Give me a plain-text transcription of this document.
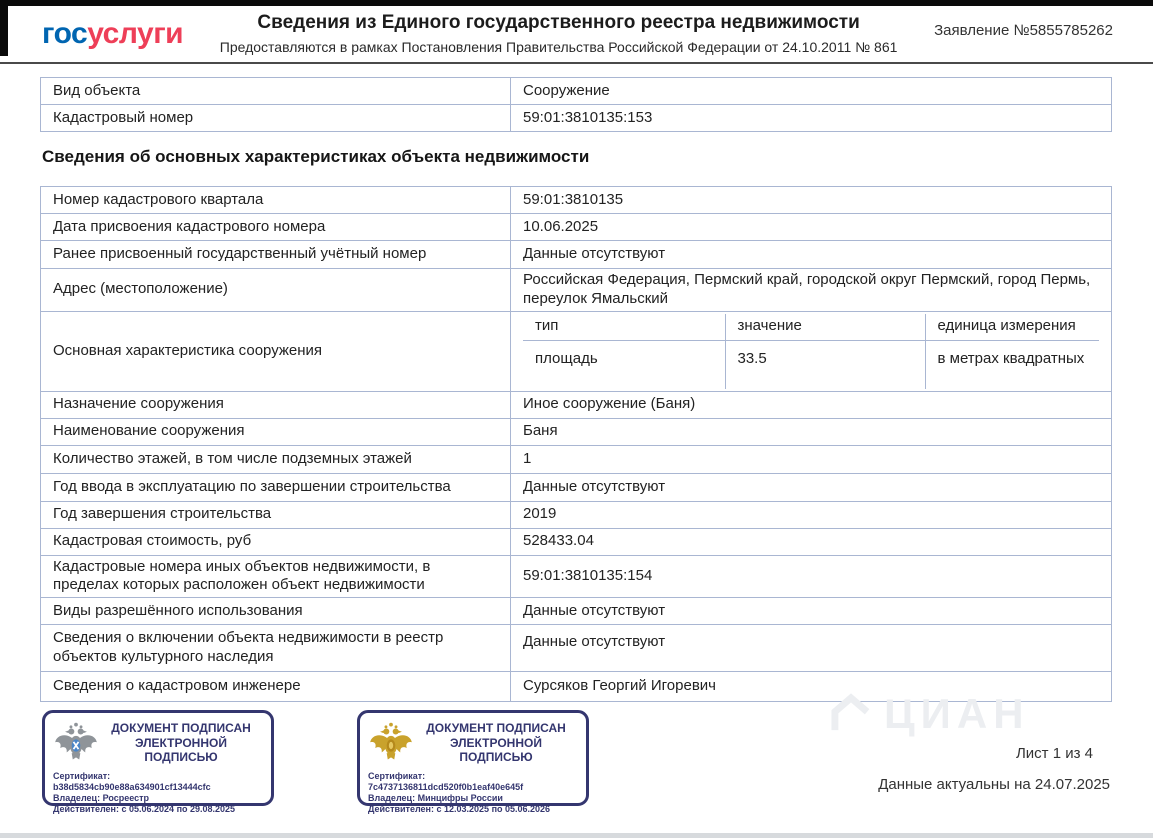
госуслуги	Сведения из Единого государственного реестра недвижимости
Предоставляются в рамках Постановления Правительства Российской Федерации от 24.10.2011 № 861
Заявление №5855785262
Вид объекта	Сооружение
Кадастровый номер	59:01:3810135:153
Сведения об основных характеристиках объекта недвижимости
Номер кадастрового квартала	59:01:3810135
Дата присвоения кадастрового номера	10.06.2025
Ранее присвоенный государственный учётный номер	Данные отсутствуют
Адрес (местоположение)	Российская Федерация, Пермский край, городской округ Пермский, город Пермь, переулок Ямальский
Основная характеристика сооружения	
тип	значение	единица измерения
площадь	33.5	в метрах квадратных

Назначение сооружения	Иное сооружение (Баня)
Наименование сооружения	Баня
Количество этажей, в том числе подземных этажей	1
Год ввода в эксплуатацию по завершении строительства	Данные отсутствуют
Год завершения строительства	2019
Кадастровая стоимость, руб	528433.04
Кадастровые номера иных объектов недвижимости, в пределах которых расположен объект недвижимости	59:01:3810135:154
Виды разрешённого использования	Данные отсутствуют
Сведения о включении объекта недвижимости в реестр объектов культурного наследия	Данные отсутствуют
Сведения о кадастровом инженере	Сурсяков Георгий Игоревич
ДОКУМЕНТ ПОДПИСАН ЭЛЕКТРОННОЙ ПОДПИСЬЮ
Сертификат: b38d5834cb90e88a634901cf13444cfc
Владелец: Росреестр
Действителен: с 05.06.2024 по 29.08.2025
ДОКУМЕНТ ПОДПИСАН ЭЛЕКТРОННОЙ ПОДПИСЬЮ
Сертификат: 7c4737136811dcd520f0b1eaf40e645f
Владелец: Минцифры России
Действителен: с 12.03.2025 по 05.06.2026
ЦИАН
Лист 1 из 4
Данные актуальны на 24.07.2025
